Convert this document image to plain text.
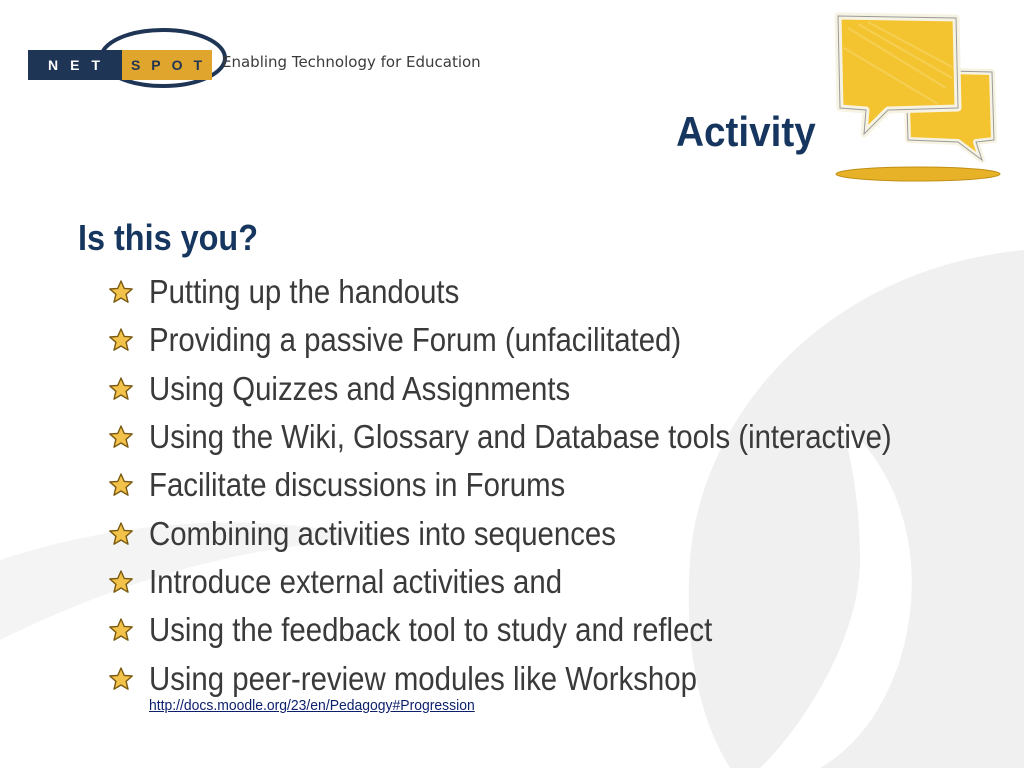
NET	SPOT Enabling Technology for Education
Activity
Is this you?
Putting up the handouts
Providing a passive Forum (unfacilitated)
Using Quizzes and Assignments
Using the Wiki, Glossary and Database tools (interactive)
Facilitate discussions in Forums
Combining activities into sequences
Introduce external activities and
Using the feedback tool to study and reflect
Using peer-review modules like Workshop
http://docs.moodle.org/23/en/Pedagogy#Progression
